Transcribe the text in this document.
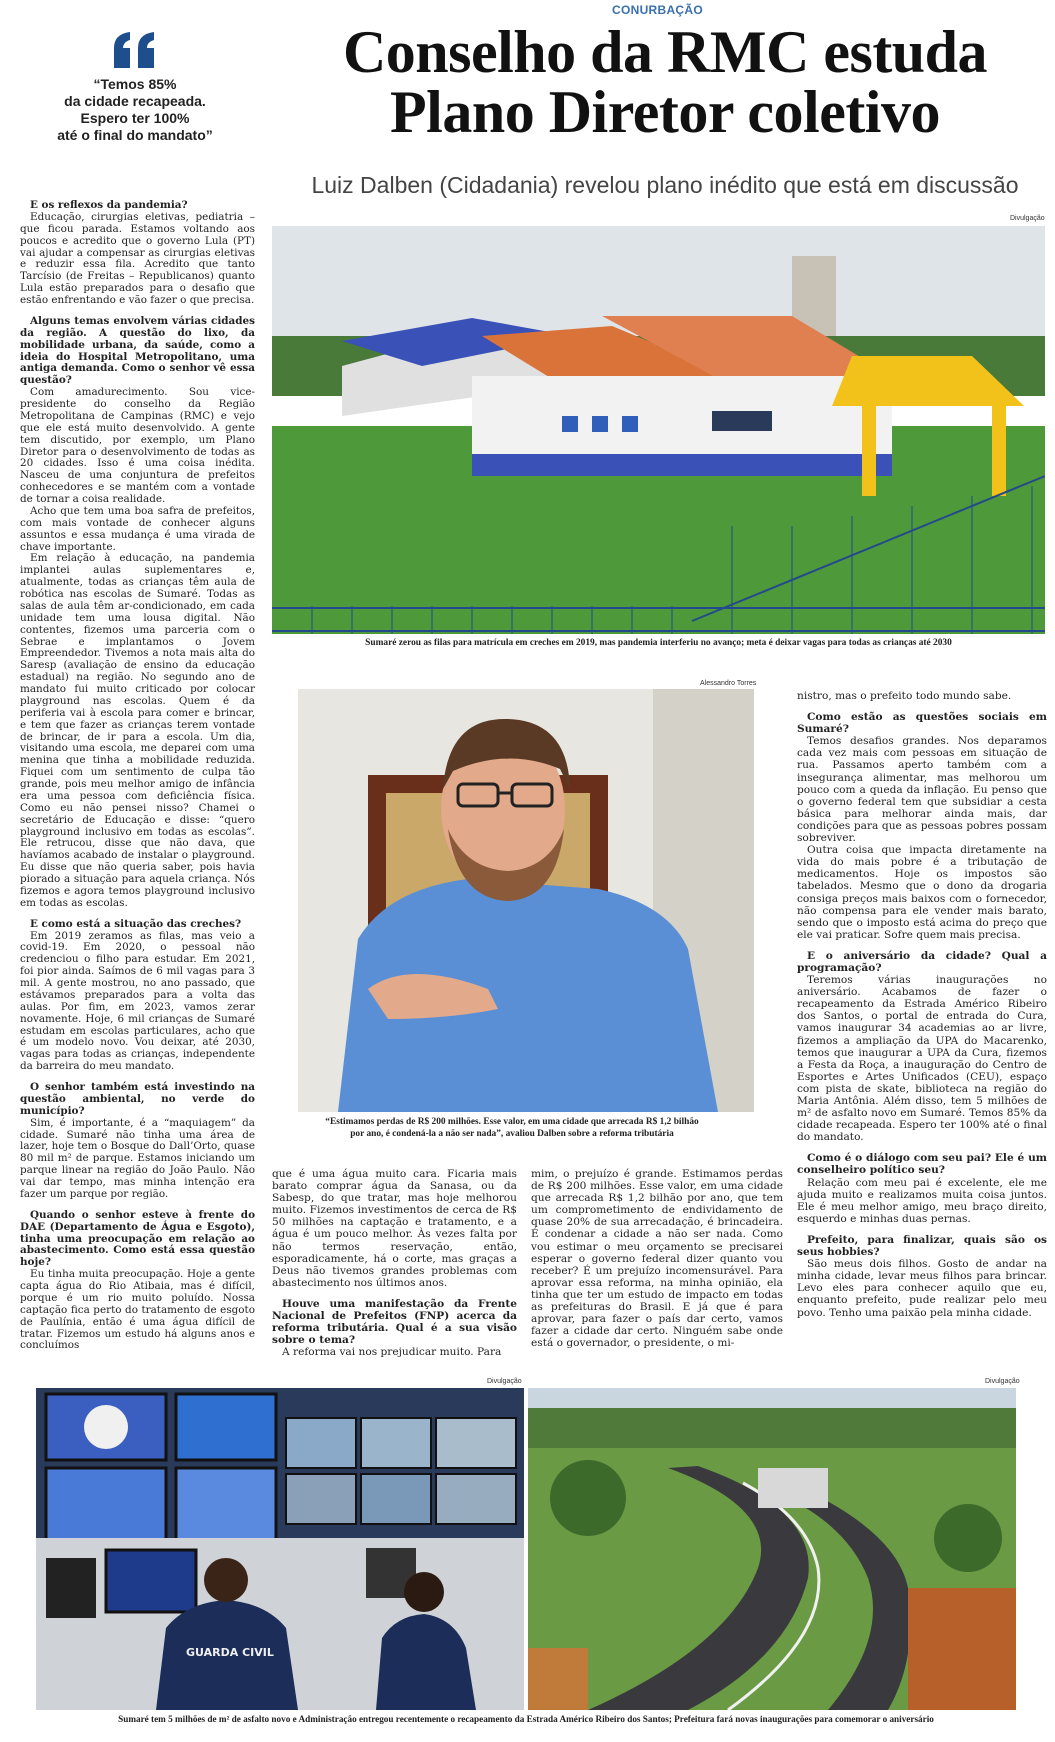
CONURBAÇÃO
“Temos 85%
da cidade recapeada.
Espero ter 100%
até o final do mandato”
Conselho da RMC estuda
Plano Diretor coletivo
Luiz Dalben (Cidadania) revelou plano inédito que está em discussão
Divulgação
Sumaré zerou as filas para matrícula em creches em 2019, mas pandemia interferiu no avanço; meta é deixar vagas para todas as crianças até 2030
Alessandro Torres
“Estimamos perdas de R$ 200 milhões. Esse valor, em uma cidade que arrecada R$ 1,2 bilhão
por ano, é condená-la a não ser nada”, avaliou Dalben sobre a reforma tributária
Divulgação
GUARDA CIVIL
Divulgação
Sumaré tem 5 milhões de m² de asfalto novo e Administração entregou recentemente o recapeamento da Estrada Américo Ribeiro dos Santos; Prefeitura fará novas inaugurações para comemorar o aniversário

E os reflexos da pandemia?

Educação, cirurgias eletivas, pediatria – que ficou parada. Estamos voltando aos poucos e acredito que o governo Lula (PT) vai ajudar a compensar as cirurgias eletivas e reduzir essa fila. Acredito que tanto Tarcísio (de Freitas – Republicanos) quanto Lula estão preparados para o desafio que estão enfrentando e vão fazer o que precisa.

Alguns temas envolvem várias cidades da região. A questão do lixo, da mobilidade urbana, da saúde, como a ideia do Hospital Metropolitano, uma antiga demanda. Como o senhor vê essa questão?

Com amadurecimento. Sou vice-presidente do conselho da Região Metropolitana de Campinas (RMC) e vejo que ele está muito desenvolvido. A gente tem discutido, por exemplo, um Plano Diretor para o desenvolvimento de todas as 20 cidades. Isso é uma coisa inédita. Nasceu de uma conjuntura de prefeitos conhecedores e se mantém com a vontade de tornar a coisa realidade.

Acho que tem uma boa safra de prefeitos, com mais vontade de conhecer alguns assuntos e essa mudança é uma virada de chave importante.

Em relação à educação, na pandemia implantei aulas suplementares e, atualmente, todas as crianças têm aula de robótica nas escolas de Sumaré. Todas as salas de aula têm ar-condicionado, em cada unidade tem uma lousa digital. Não contentes, fizemos uma parceria com o Sebrae e implantamos o Jovem Empreendedor. Tivemos a nota mais alta do Saresp (avaliação de ensino da educação estadual) na região. No segundo ano de mandato fui muito criticado por colocar playground nas escolas. Quem é da periferia vai à escola para comer e brincar, e tem que fazer as crianças terem vontade de brincar, de ir para a escola. Um dia, visitando uma escola, me deparei com uma menina que tinha a mobilidade reduzida. Fiquei com um sentimento de culpa tão grande, pois meu melhor amigo de infância era uma pessoa com deficiência física. Como eu não pensei nisso? Chamei o secretário de Educação e disse: “quero playground inclusivo em todas as escolas”. Ele retrucou, disse que não dava, que havíamos acabado de instalar o playground. Eu disse que não queria saber, pois havia piorado a situação para aquela criança. Nós fizemos e agora temos playground inclusivo em todas as escolas.

E como está a situação das creches?

Em 2019 zeramos as filas, mas veio a covid-19. Em 2020, o pessoal não credenciou o filho para estudar. Em 2021, foi pior ainda. Saímos de 6 mil vagas para 3 mil. A gente mostrou, no ano passado, que estávamos preparados para a volta das aulas. Por fim, em 2023, vamos zerar novamente. Hoje, 6 mil crianças de Sumaré estudam em escolas particulares, acho que é um modelo novo. Vou deixar, até 2030, vagas para todas as crianças, independente da barreira do meu mandato.

O senhor também está investindo na questão ambiental, no verde do município?

Sim, é importante, é a “maquiagem” da cidade. Sumaré não tinha uma área de lazer, hoje tem o Bosque do Dall’Orto, quase 80 mil m² de parque. Estamos iniciando um parque linear na região do João Paulo. Não vai dar tempo, mas minha intenção era fazer um parque por região.

Quando o senhor esteve à frente do DAE (Departamento de Água e Esgoto), tinha uma preocupação em relação ao abastecimento. Como está essa questão hoje?

Eu tinha muita preocupação. Hoje a gente capta água do Rio Atibaia, mas é difícil, porque é um rio muito poluído. Nossa captação fica perto do tratamento de esgoto de Paulínia, então é uma água difícil de tratar. Fizemos um estudo há alguns anos e concluímos

que é uma água muito cara. Ficaria mais barato comprar água da Sanasa, ou da Sabesp, do que tratar, mas hoje melhorou muito. Fizemos investimentos de cerca de R$ 50 milhões na captação e tratamento, e a água é um pouco melhor. Às vezes falta por não termos reservação, então, esporadicamente, há o corte, mas graças a Deus não tivemos grandes problemas com abastecimento nos últimos anos.

Houve uma manifestação da Frente Nacional de Prefeitos (FNP) acerca da reforma tributária. Qual é a sua visão sobre o tema?

A reforma vai nos prejudicar muito. Para

mim, o prejuízo é grande. Estimamos perdas de R$ 200 milhões. Esse valor, em uma cidade que arrecada R$ 1,2 bilhão por ano, que tem um comprometimento de endividamento de quase 20% de sua arrecadação, é brincadeira. É condenar a cidade a não ser nada. Como vou estimar o meu orçamento se precisarei esperar o governo federal dizer quanto vou receber? É um prejuízo incomensurável. Para aprovar essa reforma, na minha opinião, ela tinha que ter um estudo de impacto em todas as prefeituras do Brasil. E já que é para aprovar, para fazer o país dar certo, vamos fazer a cidade dar certo. Ninguém sabe onde está o governador, o presidente, o mi-

nistro, mas o prefeito todo mundo sabe.

Como estão as questões sociais em Sumaré?

Temos desafios grandes. Nos deparamos cada vez mais com pessoas em situação de rua. Passamos aperto também com a insegurança alimentar, mas melhorou um pouco com a queda da inflação. Eu penso que o governo federal tem que subsidiar a cesta básica para melhorar ainda mais, dar condições para que as pessoas pobres possam sobreviver.

Outra coisa que impacta diretamente na vida do mais pobre é a tributação de medicamentos. Hoje os impostos são tabelados. Mesmo que o dono da drogaria consiga preços mais baixos com o fornecedor, não compensa para ele vender mais barato, sendo que o imposto está acima do preço que ele vai praticar. Sofre quem mais precisa.

E o aniversário da cidade? Qual a programação?

Teremos várias inaugurações no aniversário. Acabamos de fazer o recapeamento da Estrada Américo Ribeiro dos Santos, o portal de entrada do Cura, vamos inaugurar 34 academias ao ar livre, fizemos a ampliação da UPA do Macarenko, temos que inaugurar a UPA da Cura, fizemos a Festa da Roça, a inauguração do Centro de Esportes e Artes Unificados (CEU), espaço com pista de skate, biblioteca na região do Maria Antônia. Além disso, tem 5 milhões de m² de asfalto novo em Sumaré. Temos 85% da cidade recapeada. Espero ter 100% até o final do mandato.

Como é o diálogo com seu pai? Ele é um conselheiro político seu?

Relação com meu pai é excelente, ele me ajuda muito e realizamos muita coisa juntos. Ele é meu melhor amigo, meu braço direito, esquerdo e minhas duas pernas.

Prefeito, para finalizar, quais são os seus hobbies?

São meus dois filhos. Gosto de andar na minha cidade, levar meus filhos para brincar. Levo eles para conhecer aquilo que eu, enquanto prefeito, pude realizar pelo meu povo. Tenho uma paixão pela minha cidade.
